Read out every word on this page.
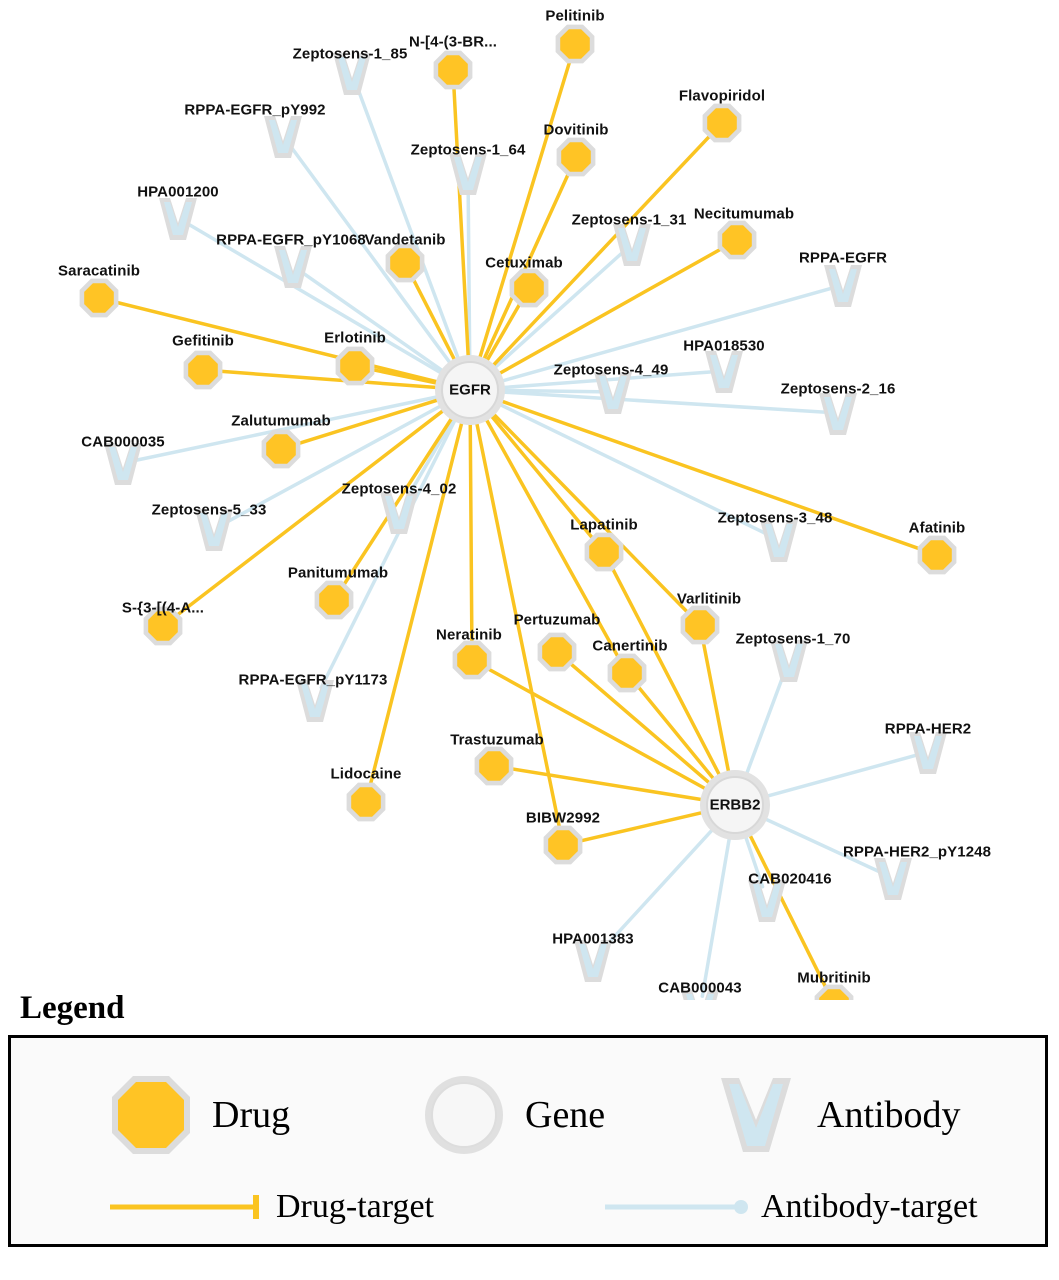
Pelitinib
N-[4-(3-BR...
Flavopiridol
Dovitinib
Necitumumab
Vandetanib
Cetuximab
Saracatinib
Gefitinib	Erlotinib
Zalutumumab
Afatinib
Lapatinib
Varlitinib
Panitumumab
S-{3-[(4-A...
Pertuzumab
Canertinib
Neratinib
Trastuzumab
Lidocaine
BIBW2992
Mubritinib
Zeptosens-1_85
RPPA-EGFR_pY992
Zeptosens-1_64
HPA001200
Zeptosens-1_31
RPPA-EGFR_pY1068
RPPA-EGFR
HPA018530
Zeptosens-4_49
Zeptosens-2_16
CAB000035
Zeptosens-4_02
Zeptosens-5_33	Zeptosens-3_48
Zeptosens-1_70
RPPA-EGFR_pY1173
RPPA-HER2
RPPA-HER2_pY1248
CAB020416
HPA001383
CAB000043
EGFR
ERBB2
Legend
Drug	Gene	Antibody
Drug-target	Antibody-target
